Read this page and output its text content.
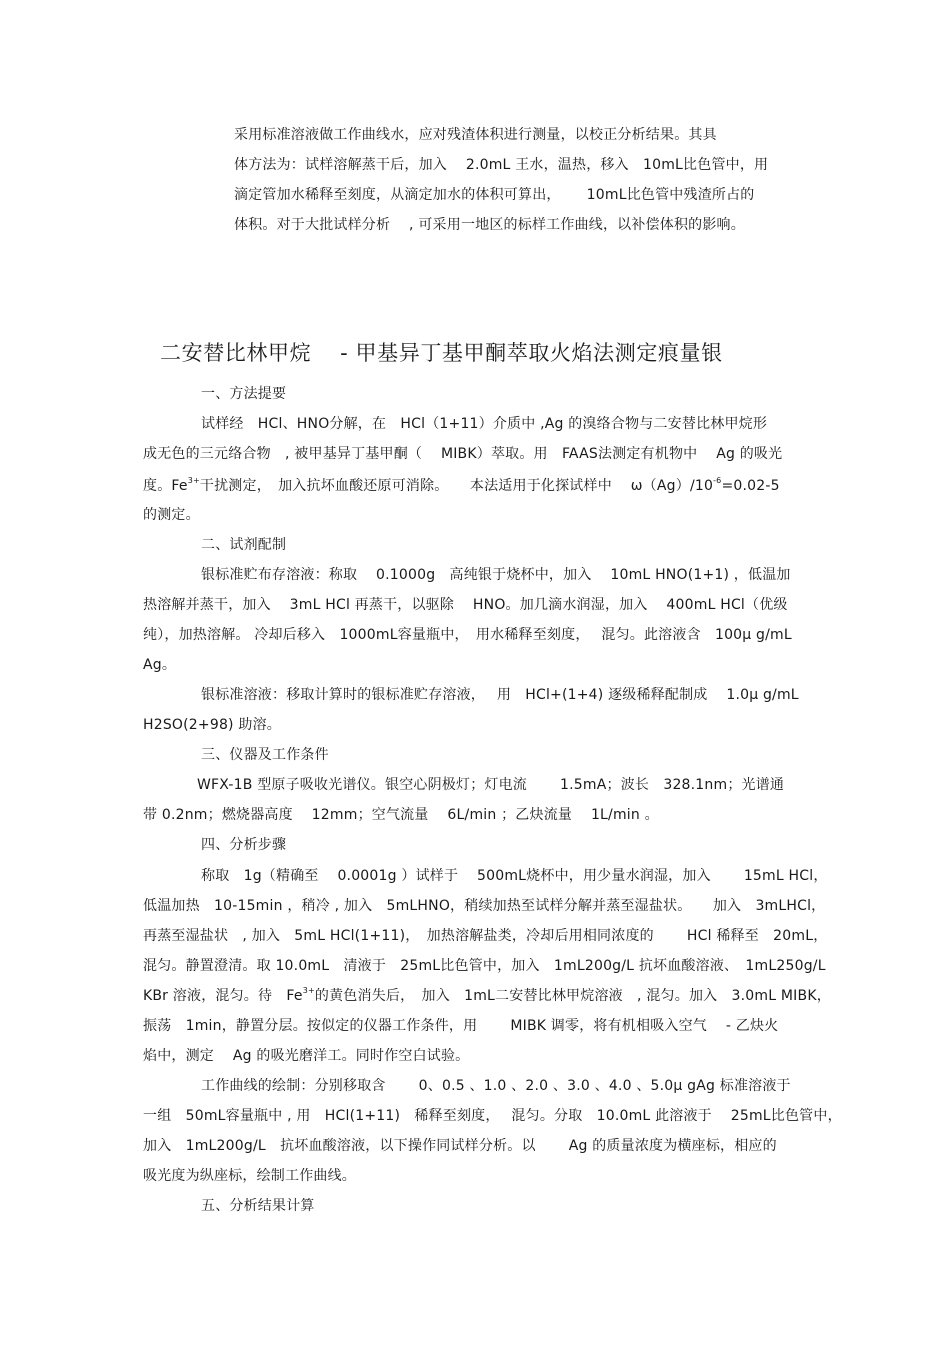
采用标准溶液做工作曲线水，应对残渣体积进行测量，以校正分析结果。其具
体方法为：试样溶解蒸干后，加入　 2.0mL 王水，温热，移入　10mL比色管中，用
滴定管加水稀释至刻度，从滴定加水的体积可算出，　　 10mL比色管中残渣所占的
体积。对于大批试样分析　 , 可采用一地区的标样工作曲线，以补偿体积的影响。
二安替比林甲烷　 - 甲基异丁基甲酮萃取火焰法测定痕量银
一、方法提要
试样经　HCl、HNO分解，在　HCl（1+11）介质中 ,Ag 的溴络合物与二安替比林甲烷形
成无色的三元络合物　, 被甲基异丁基甲酮（　 MIBK）萃取。用　FAAS法测定有机物中　 Ag 的吸光
度。$Fe^{3+}$干扰测定，　加入抗坏血酸还原可消除。　　本法适用于化探试样中　 $\omega(Ag)/10^{-6}=0.02-5$
的测定。
二、试剂配制
银标准贮布存溶液：称取　 0.1000g　高纯银于烧杯中，加入　 10mL HNO(1+1) ，低温加
热溶解并蒸干，加入　 3mL HCl 再蒸干，以驱除　 HNO。加几滴水润湿，加入　 400mL HCl（优级
纯），加热溶解。 冷却后移入　1000mL容量瓶中，　用水稀释至刻度，　 混匀。此溶液含　100μ g/mL
Ag。
银标准溶液：移取计算时的银标准贮存溶液，　 用　HCl+(1+4) 逐级稀释配制成　 1.0μ g/mL
H2SO(2+98) 助溶。
三、仪器及工作条件
WFX-1B 型原子吸收光谱仪。银空心阴极灯；灯电流　　 1.5mA；波长　328.1nm；光谱通
带 0.2nm；燃烧器高度　 12mm；空气流量　 6L/min ；乙炔流量　 1L/min 。
四、分析步骤
称取　1g（精确至　 0.0001g ）试样于　 500mL烧杯中，用少量水润湿，加入　　 15mL HCl，
低温加热　10-15min ，稍冷 , 加入　5mLHNO，稍续加热至试样分解并蒸至湿盐状。　　加入　3mLHCl，
再蒸至湿盐状　, 加入　5mL HCl(1+11)，　加热溶解盐类，冷却后用相同浓度的　　 HCl 稀释至　20mL，
混匀。静置澄清。取 10.0mL　清液于　25mL比色管中，加入　1mL200g/L 抗坏血酸溶液、　1mL250g/L
KBr 溶液，混匀。待　$Fe^{3+}$的黄色消失后，　加入　1mL二安替比林甲烷溶液　, 混匀。加入　3.0mL MIBK，
振荡　1min，静置分层。按似定的仪器工作条件，用　　 MIBK 调零，将有机相吸入空气　 - 乙炔火
焰中，测定　 Ag 的吸光磨洋工。同时作空白试验。
工作曲线的绘制：分别移取含　　 0、0.5 、1.0 、2.0 、3.0 、4.0 、5.0μ gAg 标准溶液于
一组　50mL容量瓶中 , 用　HCl(1+11)　稀释至刻度，　 混匀。分取　10.0mL 此溶液于　 25mL比色管中，
加入　1mL200g/L　抗坏血酸溶液，以下操作同试样分析。以　　 Ag 的质量浓度为横座标，相应的
吸光度为纵座标，绘制工作曲线。
五、分析结果计算
